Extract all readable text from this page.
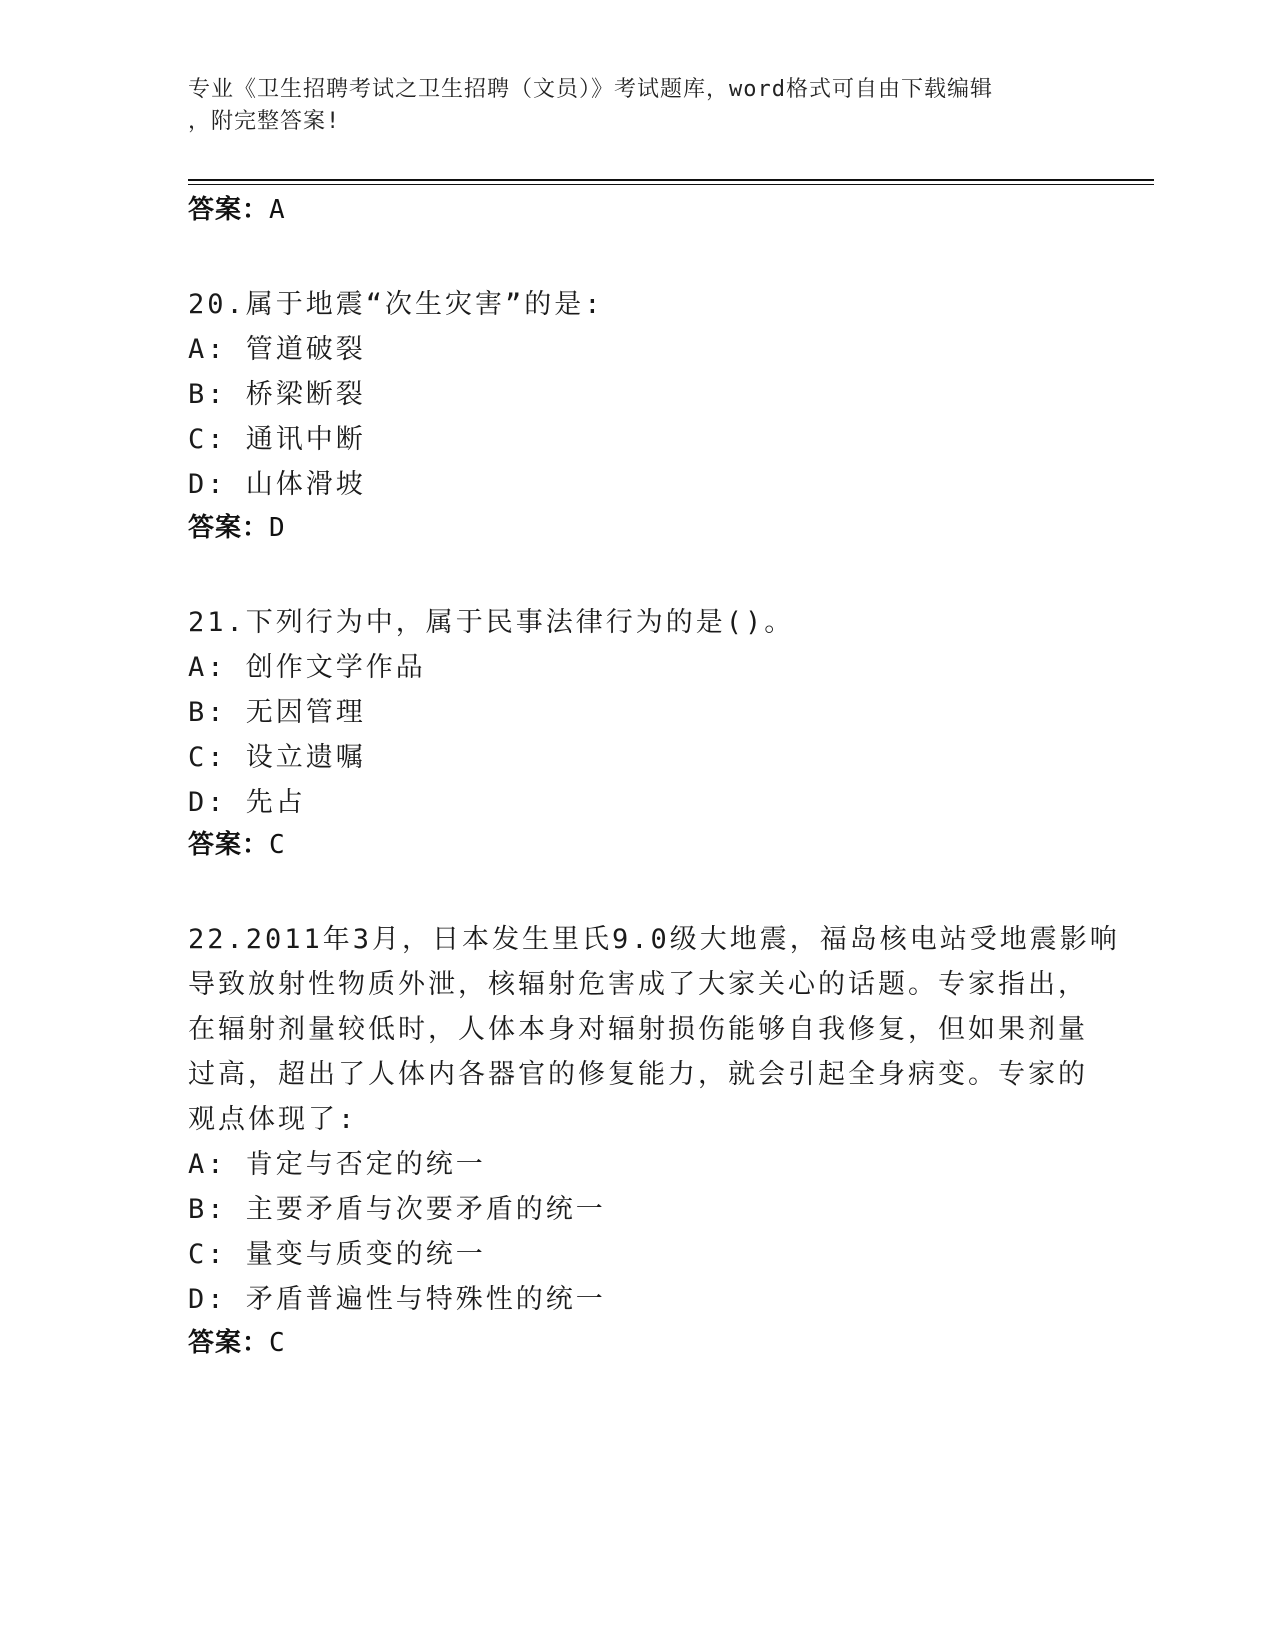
专业《卫生招聘考试之卫生招聘（文员）》考试题库，word格式可自由下载编辑
，附完整答案!
答案：A
20.属于地震“次生灾害”的是:
A: 管道破裂
B: 桥梁断裂
C: 通讯中断
D: 山体滑坡
答案：D
21.下列行为中，属于民事法律行为的是()。
A: 创作文学作品
B: 无因管理
C: 设立遗嘱
D: 先占
答案：C
22.2011年3月，日本发生里氏9.0级大地震，福岛核电站受地震影响
导致放射性物质外泄，核辐射危害成了大家关心的话题。专家指出，
在辐射剂量较低时，人体本身对辐射损伤能够自我修复，但如果剂量
过高，超出了人体内各器官的修复能力，就会引起全身病变。专家的
观点体现了:
A: 肯定与否定的统一
B: 主要矛盾与次要矛盾的统一
C: 量变与质变的统一
D: 矛盾普遍性与特殊性的统一
答案：C
